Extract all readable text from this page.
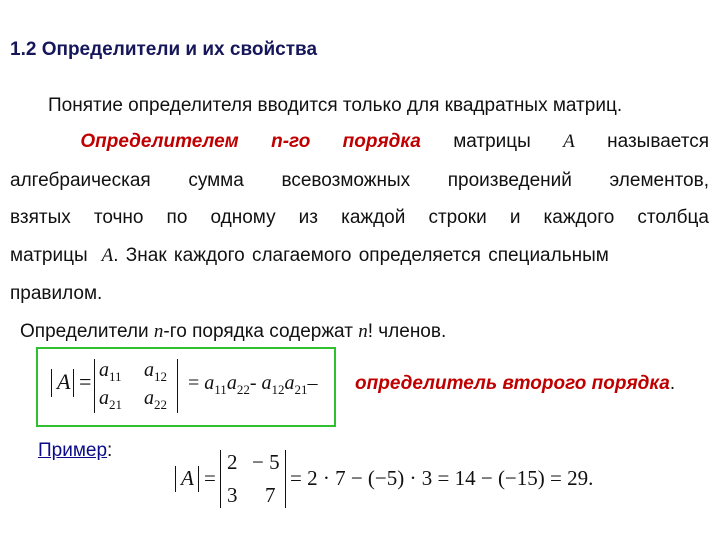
1.2 Определители и их свойства
Понятие определителя вводится только для квадратных матриц.
Определителем n-го порядка матрицы A называется
алгебраическая сумма всевозможных произведений элементов,
взятых точно по одному из каждой строки и каждого столбца
матрицы A. Знак каждого слагаемого определяется специальным
правилом.
Определители n-го порядка содержат n! членов.
$A = a_{11}$ $a_{12}$
$a_{21}$ $a_{22}$
= $a_{11}a_{22}-$ $a_{12}a_{21}-$ определитель второго порядка.
Пример:
A =
2 − 5
3 7
= 2 · 7 − (−5) · 3 = 14 − (−15) = 29.
